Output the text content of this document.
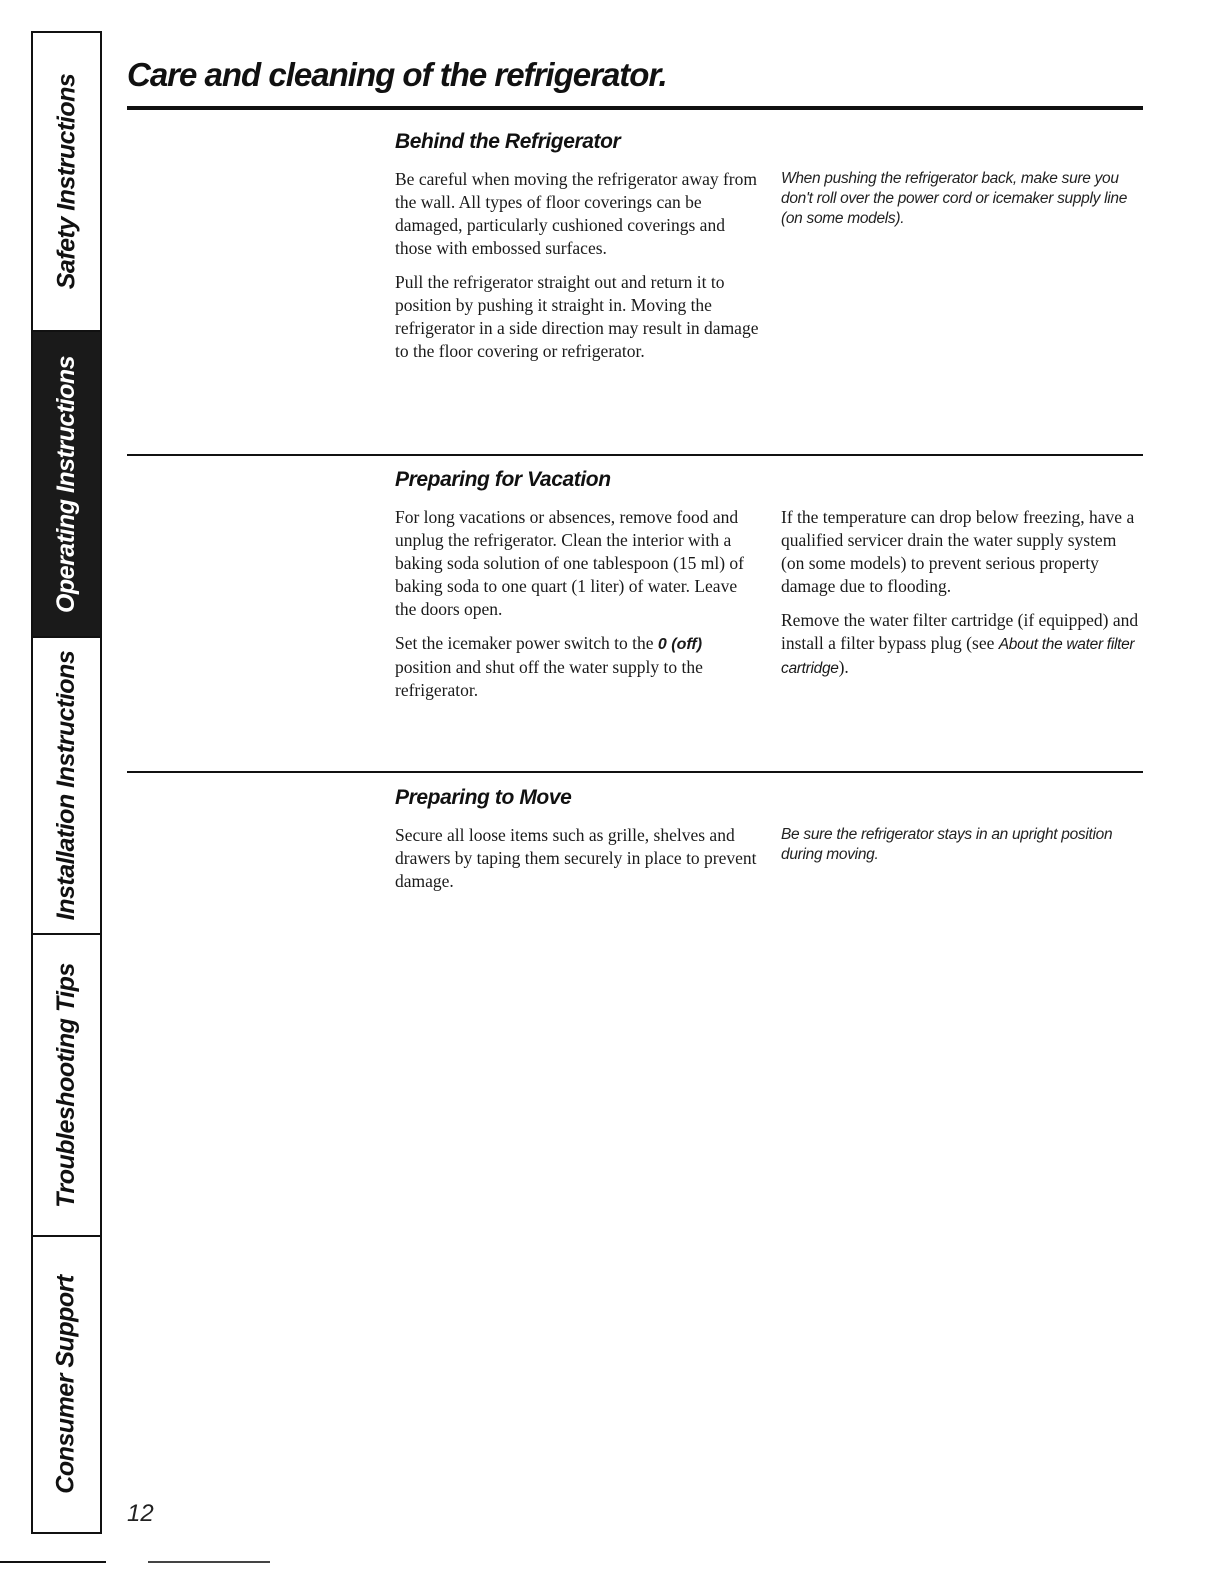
Safety Instructions
Operating Instructions
Installation Instructions
Troubleshooting Tips
Consumer Support
Care and cleaning of the refrigerator.
Behind the Refrigerator

Be careful when moving the refrigerator away from the wall. All types of floor coverings can be damaged, particularly cushioned coverings and those with embossed surfaces.

Pull the refrigerator straight out and return it to position by pushing it straight in. Moving the refrigerator in a side direction may result in damage to the floor covering or refrigerator.

When pushing the refrigerator back, make sure you don't roll over the power cord or icemaker supply line (on some models).

Preparing for Vacation

For long vacations or absences, remove food and unplug the refrigerator. Clean the interior with a baking soda solution of one tablespoon (15 ml) of baking soda to one quart (1 liter) of water. Leave the doors open.

Set the icemaker power switch to the 0 (off) position and shut off the water supply to the refrigerator.

If the temperature can drop below freezing, have a qualified servicer drain the water supply system (on some models) to prevent serious property damage due to flooding.

Remove the water filter cartridge (if equipped) and install a filter bypass plug (see About the water filter cartridge).

Preparing to Move

Secure all loose items such as grille, shelves and drawers by taping them securely in place to prevent damage.

Be sure the refrigerator stays in an upright position during moving.

12
